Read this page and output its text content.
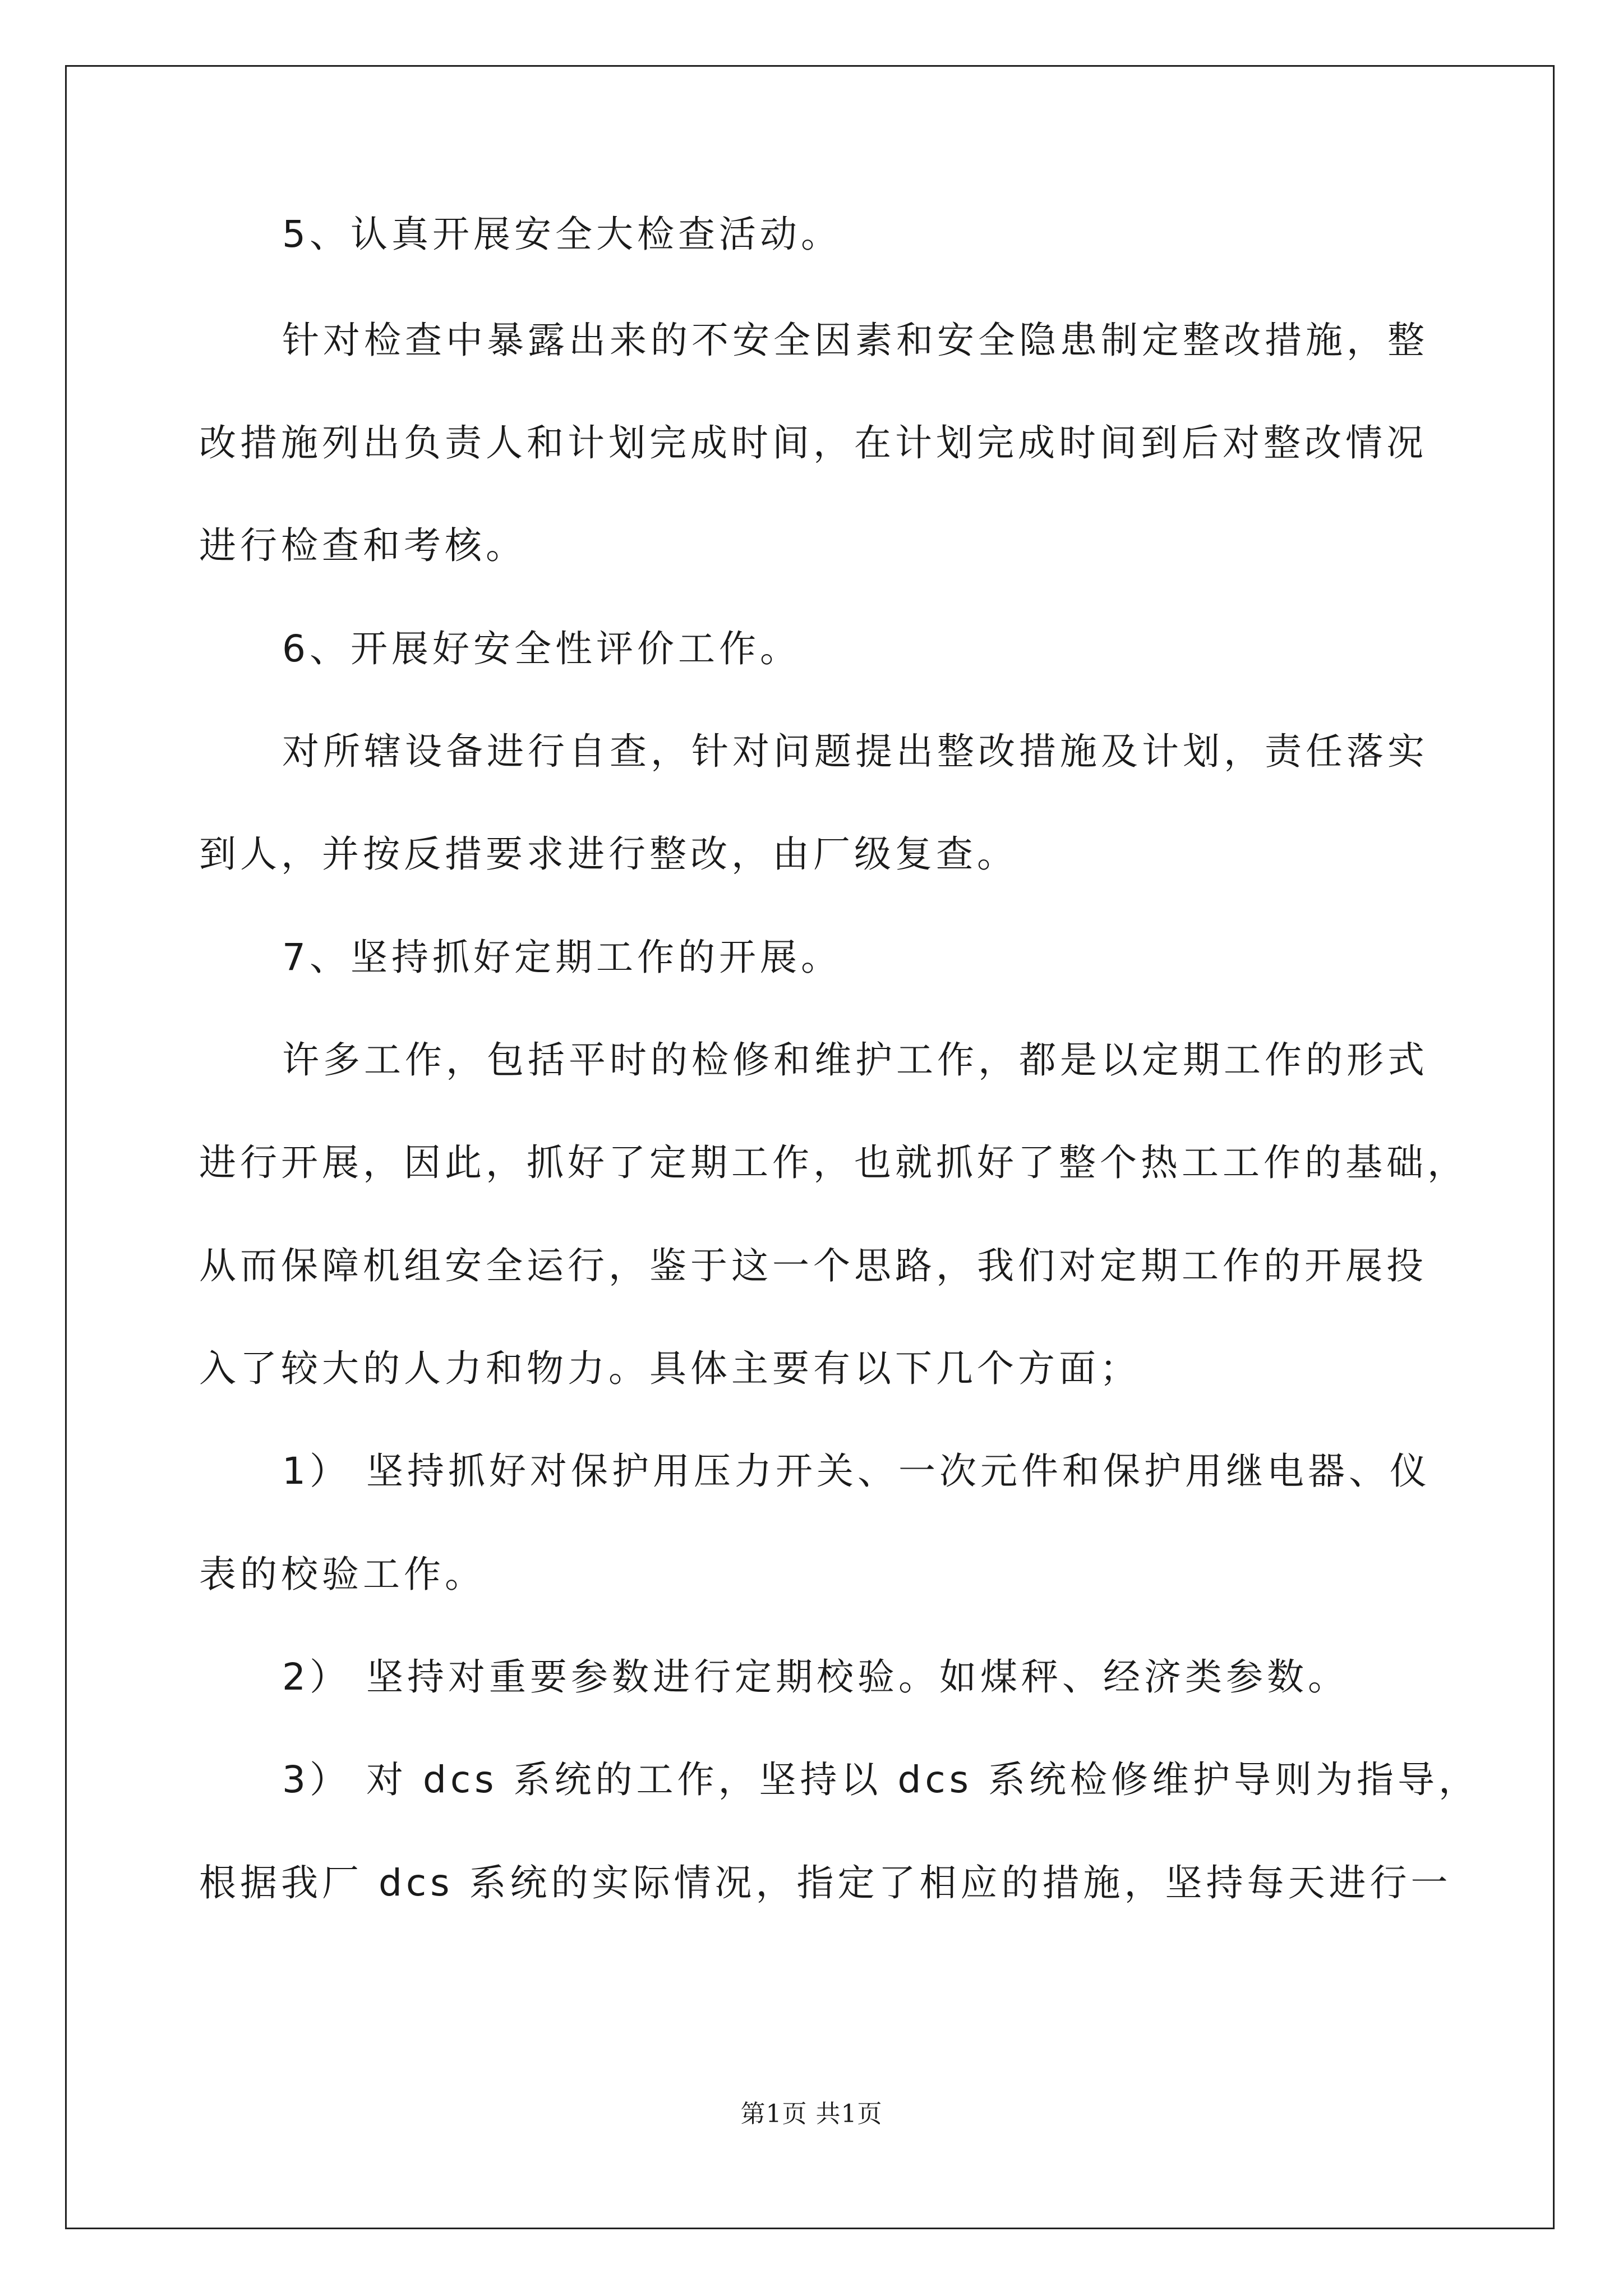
5、认真开展安全大检查活动。
针对检查中暴露出来的不安全因素和安全隐患制定整改措施，整
改措施列出负责人和计划完成时间，在计划完成时间到后对整改情况
进行检查和考核。
6、开展好安全性评价工作。
对所辖设备进行自查，针对问题提出整改措施及计划，责任落实
到人，并按反措要求进行整改，由厂级复查。
7、坚持抓好定期工作的开展。
许多工作，包括平时的检修和维护工作，都是以定期工作的形式
进行开展，因此，抓好了定期工作，也就抓好了整个热工工作的基础，
从而保障机组安全运行，鉴于这一个思路，我们对定期工作的开展投
入了较大的人力和物力。具体主要有以下几个方面；
1） 坚持抓好对保护用压力开关、一次元件和保护用继电器、仪
表的校验工作。
2） 坚持对重要参数进行定期校验。如煤秤、经济类参数。
3） 对 dcs 系统的工作，坚持以 dcs 系统检修维护导则为指导，
根据我厂 dcs 系统的实际情况，指定了相应的措施，坚持每天进行一
第1页 共1页
